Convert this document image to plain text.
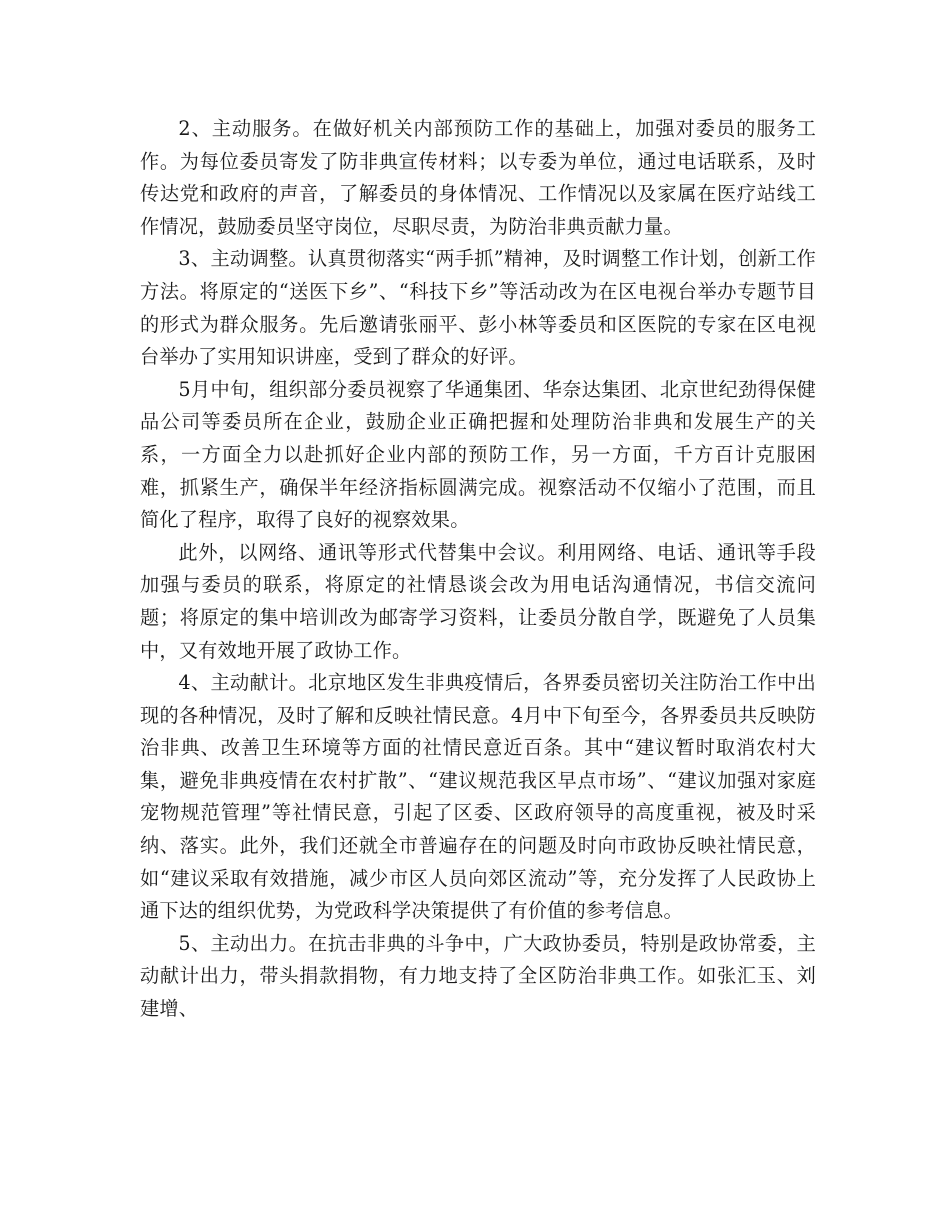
2、主动服务。在做好机关内部预防工作的基础上，加强对委员的服务工作。为每位委员寄发了防非典宣传材料；以专委为单位，通过电话联系，及时传达党和政府的声音，了解委员的身体情况、工作情况以及家属在医疗站线工作情况，鼓励委员坚守岗位，尽职尽责，为防治非典贡献力量。

3、主动调整。认真贯彻落实“两手抓”精神，及时调整工作计划，创新工作方法。将原定的“送医下乡”、“科技下乡”等活动改为在区电视台举办专题节目的形式为群众服务。先后邀请张丽平、彭小林等委员和区医院的专家在区电视台举办了实用知识讲座，受到了群众的好评。

5月中旬，组织部分委员视察了华通集团、华奈达集团、北京世纪劲得保健品公司等委员所在企业，鼓励企业正确把握和处理防治非典和发展生产的关系，一方面全力以赴抓好企业内部的预防工作，另一方面，千方百计克服困难，抓紧生产，确保半年经济指标圆满完成。视察活动不仅缩小了范围，而且简化了程序，取得了良好的视察效果。

此外，以网络、通讯等形式代替集中会议。利用网络、电话、通讯等手段加强与委员的联系，将原定的社情恳谈会改为用电话沟通情况，书信交流问题；将原定的集中培训改为邮寄学习资料，让委员分散自学，既避免了人员集中，又有效地开展了政协工作。

4、主动献计。北京地区发生非典疫情后，各界委员密切关注防治工作中出现的各种情况，及时了解和反映社情民意。4月中下旬至今，各界委员共反映防治非典、改善卫生环境等方面的社情民意近百条。其中“建议暂时取消农村大集，避免非典疫情在农村扩散”、“建议规范我区早点市场”、“建议加强对家庭宠物规范管理”等社情民意，引起了区委、区政府领导的高度重视，被及时采纳、落实。此外，我们还就全市普遍存在的问题及时向市政协反映社情民意，如“建议采取有效措施，减少市区人员向郊区流动”等，充分发挥了人民政协上通下达的组织优势，为党政科学决策提供了有价值的参考信息。

5、主动出力。在抗击非典的斗争中，广大政协委员，特别是政协常委，主动献计出力，带头捐款捐物，有力地支持了全区防治非典工作。如张汇玉、刘建增、
